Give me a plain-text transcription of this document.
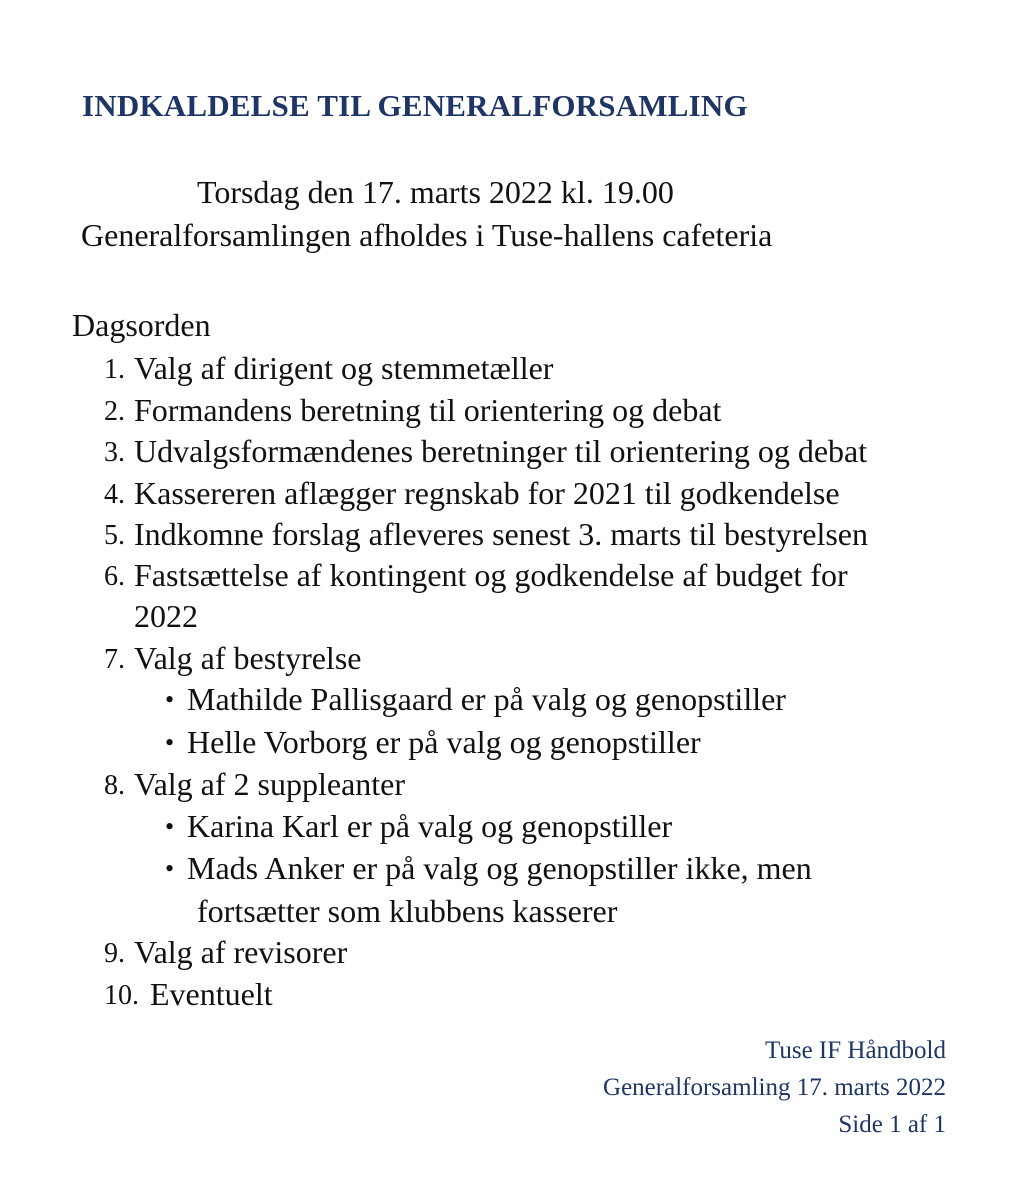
INDKALDELSE TIL GENERALFORSAMLING
Torsdag den 17. marts 2022 kl. 19.00
Generalforsamlingen afholdes i Tuse-hallens cafeteria
Dagsorden
1. Valg af dirigent og stemmetæller
2. Formandens beretning til orientering og debat
3. Udvalgsformændenes beretninger til orientering og debat
4. Kassereren aflægger regnskab for 2021 til godkendelse
5. Indkomne forslag afleveres senest 3. marts til bestyrelsen
6. Fastsættelse af kontingent og godkendelse af budget for
2022
7. Valg af bestyrelse
• Mathilde Pallisgaard er på valg og genopstiller
• Helle Vorborg er på valg og genopstiller
8. Valg af 2 suppleanter
• Karina Karl er på valg og genopstiller
• Mads Anker er på valg og genopstiller ikke, men
fortsætter som klubbens kasserer
9. Valg af revisorer
10. Eventuelt
Tuse IF Håndbold
Generalforsamling 17. marts 2022
Side 1 af 1
